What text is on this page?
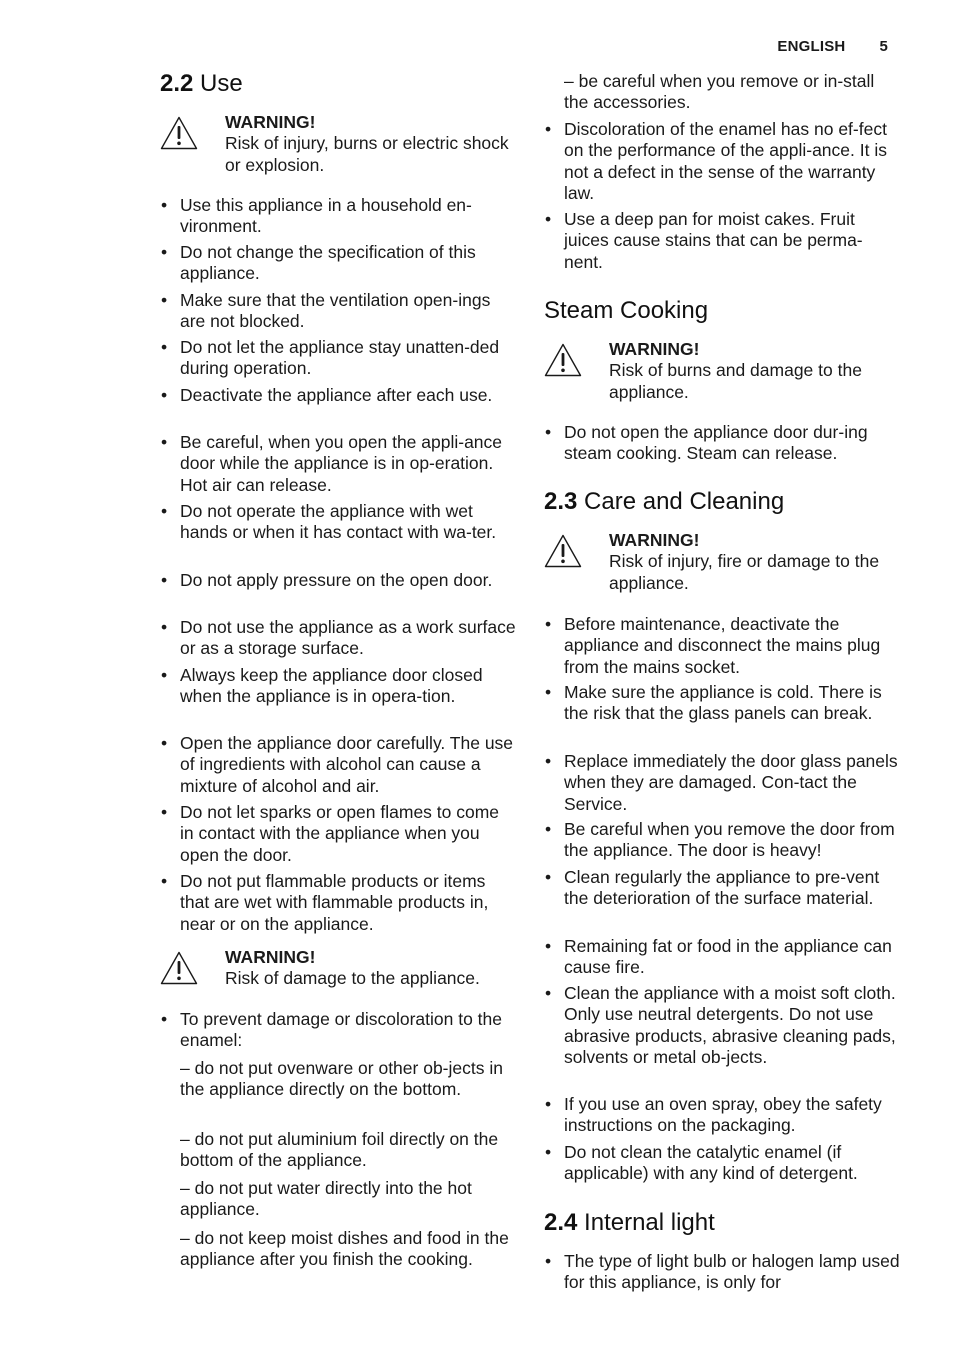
ENGLISH 5
2.2 Use
WARNING!
Risk of injury, burns or electric shock or explosion.
• Use this appliance in a household en-vironment.
• Do not change the specification of this appliance.
• Make sure that the ventilation open-ings are not blocked.
• Do not let the appliance stay unatten-ded during operation.
• Deactivate the appliance after each use.
• Be careful, when you open the appli-ance door while the appliance is in op-eration. Hot air can release.
• Do not operate the appliance with wet hands or when it has contact with wa-ter.
• Do not apply pressure on the open door.
• Do not use the appliance as a work surface or as a storage surface.
• Always keep the appliance door closed when the appliance is in opera-tion.
• Open the appliance door carefully. The use of ingredients with alcohol can cause a mixture of alcohol and air.
• Do not let sparks or open flames to come in contact with the appliance when you open the door.
• Do not put flammable products or items that are wet with flammable products in, near or on the appliance.
WARNING!
Risk of damage to the appliance.
• To prevent damage or discoloration to the enamel:
– do not put ovenware or other ob-jects in the appliance directly on the bottom.
– do not put aluminium foil directly on the bottom of the appliance.
– do not put water directly into the hot appliance.
– do not keep moist dishes and food in the appliance after you finish the cooking.
– be careful when you remove or in-stall the accessories.
• Discoloration of the enamel has no ef-fect on the performance of the appli-ance. It is not a defect in the sense of the warranty law.
• Use a deep pan for moist cakes. Fruit juices cause stains that can be perma-nent.
Steam Cooking
WARNING!
Risk of burns and damage to the appliance.
• Do not open the appliance door dur-ing steam cooking. Steam can release.
2.3 Care and Cleaning
WARNING!
Risk of injury, fire or damage to the appliance.
• Before maintenance, deactivate the appliance and disconnect the mains plug from the mains socket.
• Make sure the appliance is cold. There is the risk that the glass panels can break.
• Replace immediately the door glass panels when they are damaged. Con-tact the Service.
• Be careful when you remove the door from the appliance. The door is heavy!
• Clean regularly the appliance to pre-vent the deterioration of the surface material.
• Remaining fat or food in the appliance can cause fire.
• Clean the appliance with a moist soft cloth. Only use neutral detergents. Do not use abrasive products, abrasive cleaning pads, solvents or metal ob-jects.
• If you use an oven spray, obey the safety instructions on the packaging.
• Do not clean the catalytic enamel (if applicable) with any kind of detergent.
2.4 Internal light
• The type of light bulb or halogen lamp used for this appliance, is only for
